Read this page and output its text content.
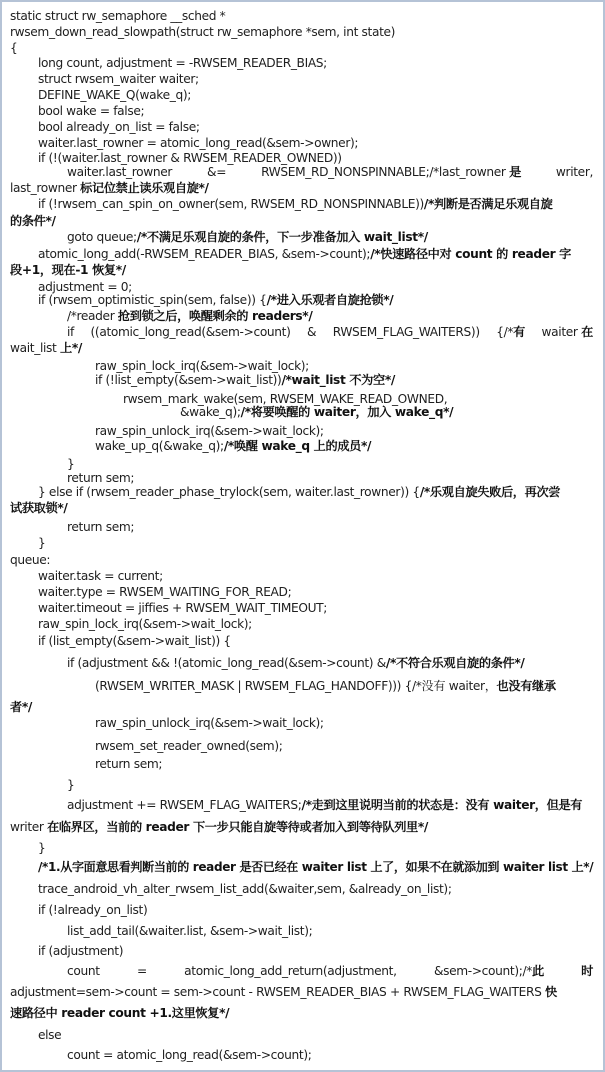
static struct rw_semaphore __sched *
rwsem_down_read_slowpath(struct rw_semaphore *sem, int state)
{
long count, adjustment = -RWSEM_READER_BIAS;
struct rwsem_waiter waiter;
DEFINE_WAKE_Q(wake_q);
bool wake = false;
bool already_on_list = false;
waiter.last_rowner = atomic_long_read(&sem->owner);
if (!(waiter.last_rowner & RWSEM_READER_OWNED))
waiter.last_rowner	&=	RWSEM_RD_NONSPINNABLE;/*last_rowner 是	writer,
last_rowner 标记位禁止读乐观自旋*/
if (!rwsem_can_spin_on_owner(sem, RWSEM_RD_NONSPINNABLE))/*判断是否满足乐观自旋
的条件*/
goto queue;/*不满足乐观自旋的条件，下一步准备加入 wait_list*/
atomic_long_add(-RWSEM_READER_BIAS, &sem->count);/*快速路径中对 count 的 reader 字
段+1，现在-1 恢复*/
adjustment = 0;
if (rwsem_optimistic_spin(sem, false)) {/*进入乐观者自旋抢锁*/
/*reader 抢到锁之后，唤醒剩余的 readers*/
if ((atomic_long_read(&sem->count) & RWSEM_FLAG_WAITERS)) {/*有 waiter 在
wait_list 上*/
raw_spin_lock_irq(&sem->wait_lock);
if (!list_empty(&sem->wait_list))/*wait_list 不为空*/
rwsem_mark_wake(sem, RWSEM_WAKE_READ_OWNED,
&wake_q);/*将要唤醒的 waiter，加入 wake_q*/
raw_spin_unlock_irq(&sem->wait_lock);
wake_up_q(&wake_q);/*唤醒 wake_q 上的成员*/
}
return sem;
} else if (rwsem_reader_phase_trylock(sem, waiter.last_rowner)) {/*乐观自旋失败后，再次尝
试获取锁*/
return sem;
}
queue:
waiter.task = current;
waiter.type = RWSEM_WAITING_FOR_READ;
waiter.timeout = jiffies + RWSEM_WAIT_TIMEOUT;
raw_spin_lock_irq(&sem->wait_lock);
if (list_empty(&sem->wait_list)) {
if (adjustment && !(atomic_long_read(&sem->count) &/*不符合乐观自旋的条件*/
(RWSEM_WRITER_MASK | RWSEM_FLAG_HANDOFF))) {/*没有 waiter，也没有继承
者*/
raw_spin_unlock_irq(&sem->wait_lock);
rwsem_set_reader_owned(sem);
return sem;
}
adjustment += RWSEM_FLAG_WAITERS;/*走到这里说明当前的状态是：没有 waiter，但是有
writer 在临界区，当前的 reader 下一步只能自旋等待或者加入到等待队列里*/
}
/*1.从字面意思看判断当前的 reader 是否已经在 waiter list 上了，如果不在就添加到 waiter list 上*/
trace_android_vh_alter_rwsem_list_add(&waiter,sem, &already_on_list);
if (!already_on_list)
list_add_tail(&waiter.list, &sem->wait_list);
if (adjustment)
count	=	atomic_long_add_return(adjustment,	&sem->count);/*此	时
adjustment=sem->count = sem->count - RWSEM_READER_BIAS + RWSEM_FLAG_WAITERS 快
速路径中 reader count +1.这里恢复*/
else
count = atomic_long_read(&sem->count);
